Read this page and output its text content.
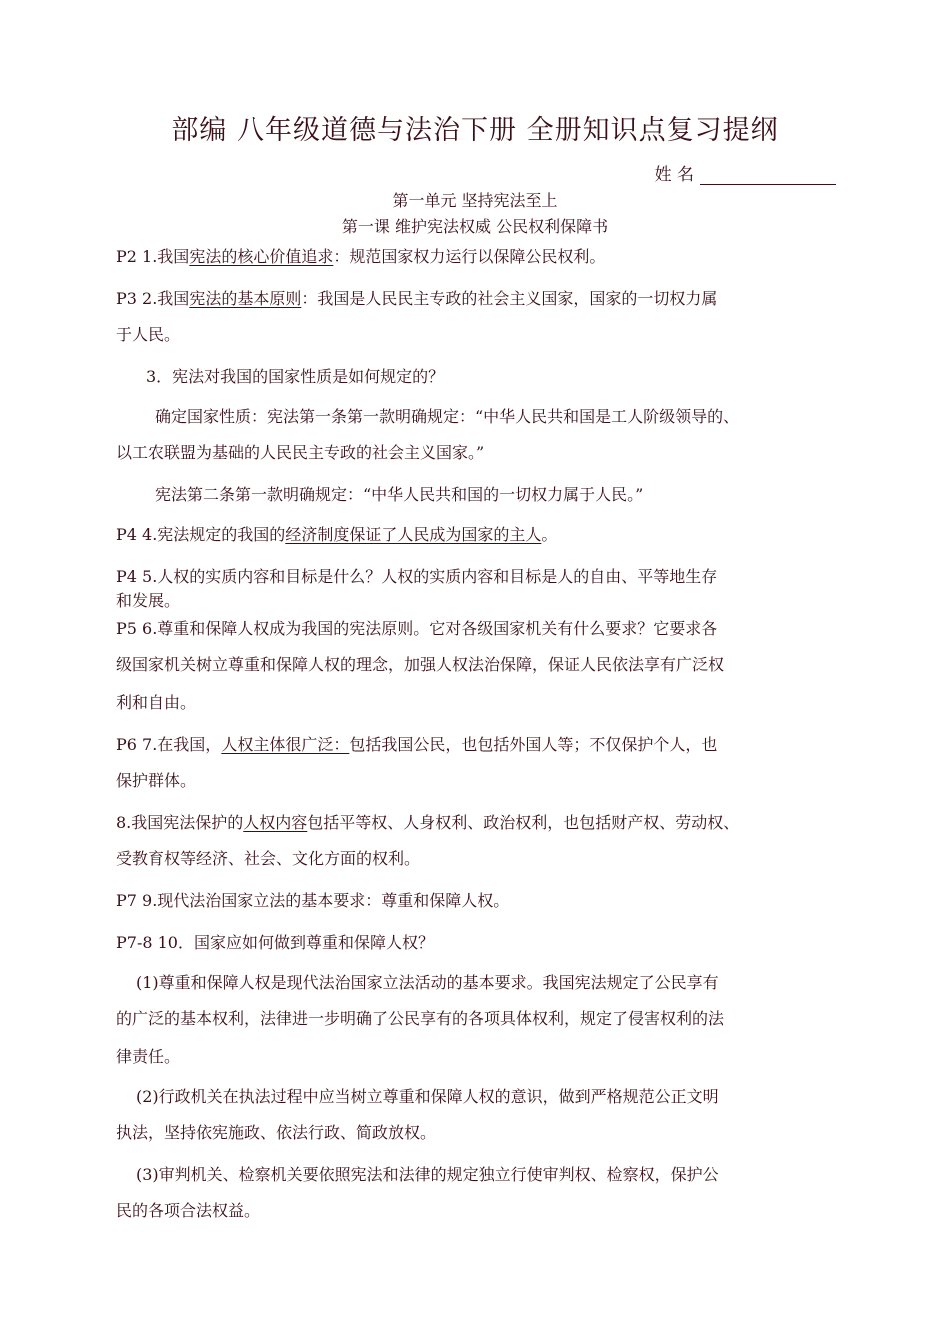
部编 八年级道德与法治下册 全册知识点复习提纲
姓 名
第一单元 坚持宪法至上
第一课 维护宪法权威 公民权利保障书
P2 1.我国宪法的核心价值追求：规范国家权力运行以保障公民权利。
P3 2.我国宪法的基本原则：我国是人民民主专政的社会主义国家，国家的一切权力属
于人民。
3．宪法对我国的国家性质是如何规定的？
确定国家性质：宪法第一条第一款明确规定：“中华人民共和国是工人阶级领导的、
以工农联盟为基础的人民民主专政的社会主义国家。”
宪法第二条第一款明确规定：“中华人民共和国的一切权力属于人民。”
P4 4.宪法规定的我国的经济制度保证了人民成为国家的主人。
P4 5.人权的实质内容和目标是什么？人权的实质内容和目标是人的自由、平等地生存
和发展。
P5 6.尊重和保障人权成为我国的宪法原则。它对各级国家机关有什么要求？它要求各
级国家机关树立尊重和保障人权的理念，加强人权法治保障，保证人民依法享有广泛权
利和自由。
P6 7.在我国，人权主体很广泛：包括我国公民，也包括外国人等；不仅保护个人，也
保护群体。
8.我国宪法保护的人权内容包括平等权、人身权利、政治权利，也包括财产权、劳动权、
受教育权等经济、社会、文化方面的权利。
P7 9.现代法治国家立法的基本要求：尊重和保障人权。
P7-8 10．国家应如何做到尊重和保障人权？
(1)尊重和保障人权是现代法治国家立法活动的基本要求。我国宪法规定了公民享有
的广泛的基本权利，法律进一步明确了公民享有的各项具体权利，规定了侵害权利的法
律责任。
(2)行政机关在执法过程中应当树立尊重和保障人权的意识，做到严格规范公正文明
执法，坚持依宪施政、依法行政、简政放权。
(3)审判机关、检察机关要依照宪法和法律的规定独立行使审判权、检察权，保护公
民的各项合法权益。
